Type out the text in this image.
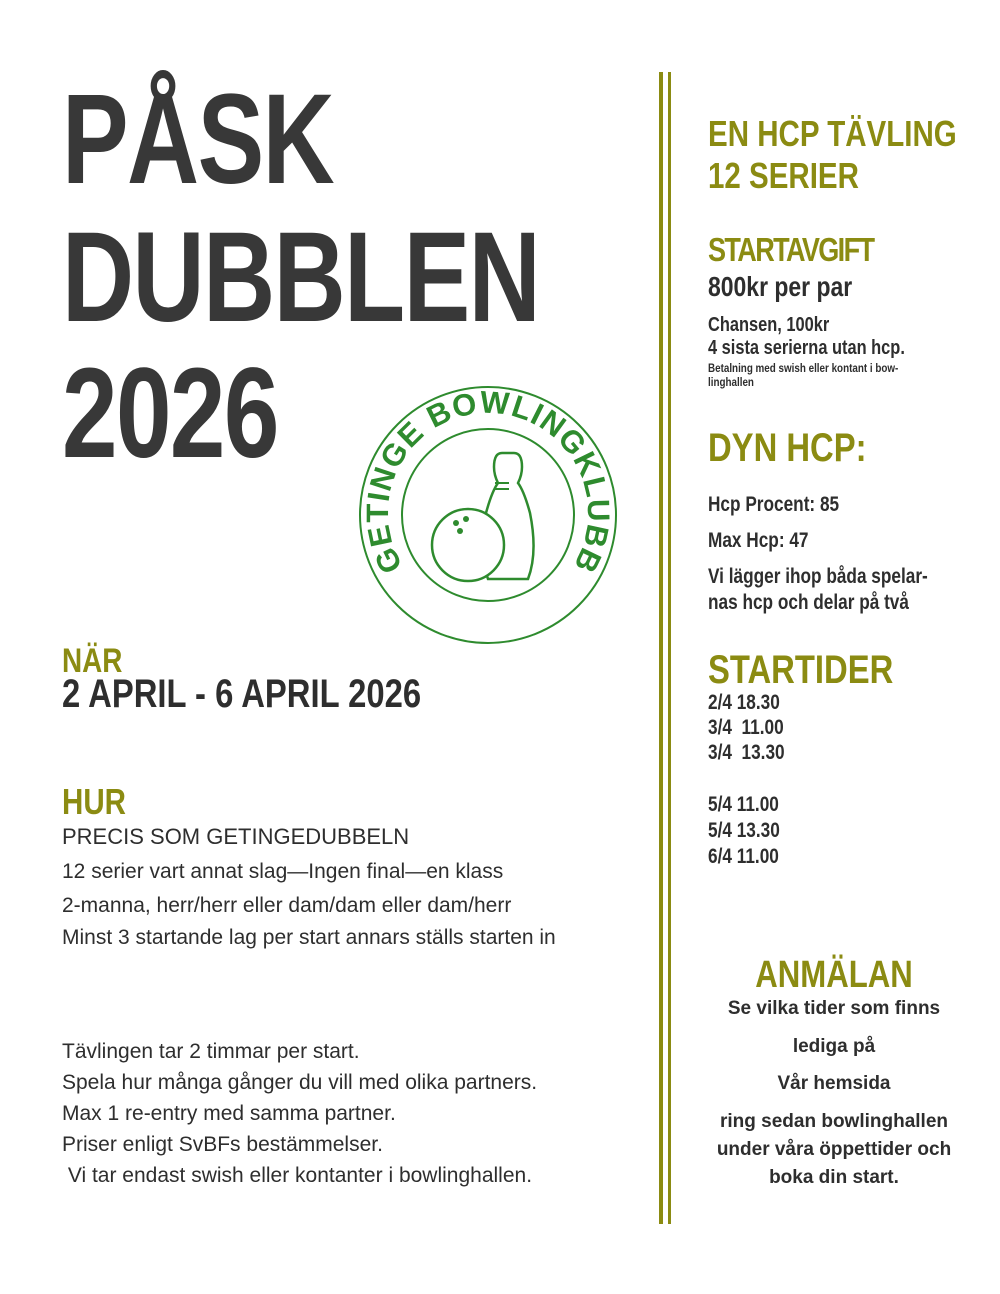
PÅSK
DUBBLEN
2026
GETINGE BOWLINGKLUBB
NÄR
2 APRIL - 6 APRIL 2026
HUR
PRECIS SOM GETINGEDUBBELN
12 serier vart annat slag—Ingen final—en klass
2-manna, herr/herr eller dam/dam eller dam/herr
Minst 3 startande lag per start annars ställs starten in
Tävlingen tar 2 timmar per start.
Spela hur många gånger du vill med olika partners.
Max 1 re-entry med samma partner.
Priser enligt SvBFs bestämmelser.
Vi tar endast swish eller kontanter i bowlinghallen.
EN HCP TÄVLING
12 SERIER
STARTAVGIFT
800kr per par
Chansen, 100kr
4 sista serierna utan hcp.
Betalning med swish eller kontant i bow-
linghallen
DYN HCP:
Hcp Procent: 85
Max Hcp: 47
Vi lägger ihop båda spelar-
nas hcp och delar på två
STARTIDER
2/4 18.30
3/4  11.00
3/4  13.30
5/4 11.00
5/4 13.30
6/4 11.00
ANMÄLAN
Se vilka tider som finns
lediga på
Vår hemsida
ring sedan bowlinghallen
under våra öppettider och
boka din start.
